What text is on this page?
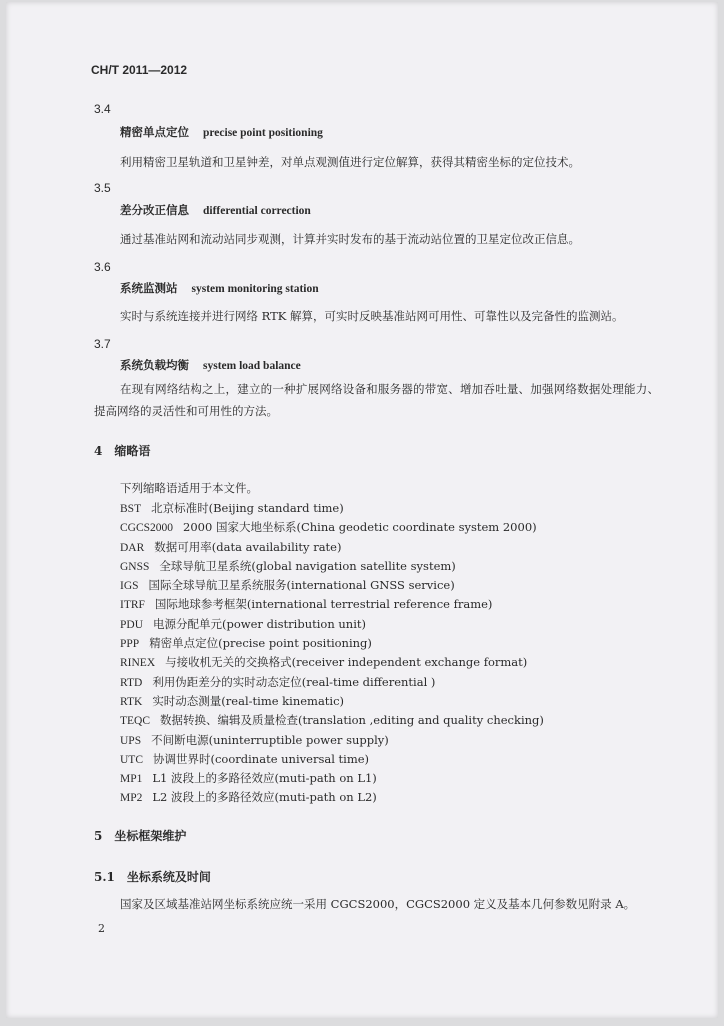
CH/T 2011—2012
3.4
精密单点定位 precise point positioning
利用精密卫星轨道和卫星钟差，对单点观测值进行定位解算，获得其精密坐标的定位技术。
3.5
差分改正信息 differential correction
通过基准站网和流动站同步观测，计算并实时发布的基于流动站位置的卫星定位改正信息。
3.6
系统监测站 system monitoring station
实时与系统连接并进行网络 RTK 解算，可实时反映基准站网可用性、可靠性以及完备性的监测站。
3.7
系统负载均衡 system load balance
在现有网络结构之上，建立的一种扩展网络设备和服务器的带宽、增加吞吐量、加强网络数据处理能力、提高网络的灵活性和可用性的方法。
4　缩略语
下列缩略语适用于本文件。
BST 北京标准时(Beijing standard time)
CGCS2000 2000 国家大地坐标系(China geodetic coordinate system 2000)
DAR 数据可用率(data availability rate)
GNSS 全球导航卫星系统(global navigation satellite system)
IGS 国际全球导航卫星系统服务(international GNSS service)
ITRF 国际地球参考框架(international terrestrial reference frame)
PDU 电源分配单元(power distribution unit)
PPP 精密单点定位(precise point positioning)
RINEX 与接收机无关的交换格式(receiver independent exchange format)
RTD 利用伪距差分的实时动态定位(real-time differential )
RTK 实时动态测量(real-time kinematic)
TEQC 数据转换、编辑及质量检查(translation ,editing and quality checking)
UPS 不间断电源(uninterruptible power supply)
UTC 协调世界时(coordinate universal time)
MP1 L1 波段上的多路径效应(muti-path on L1)
MP2 L2 波段上的多路径效应(muti-path on L2)
5　坐标框架维护
5.1　坐标系统及时间
国家及区域基准站网坐标系统应统一采用 CGCS2000，CGCS2000 定义及基本几何参数见附录 A。
2
